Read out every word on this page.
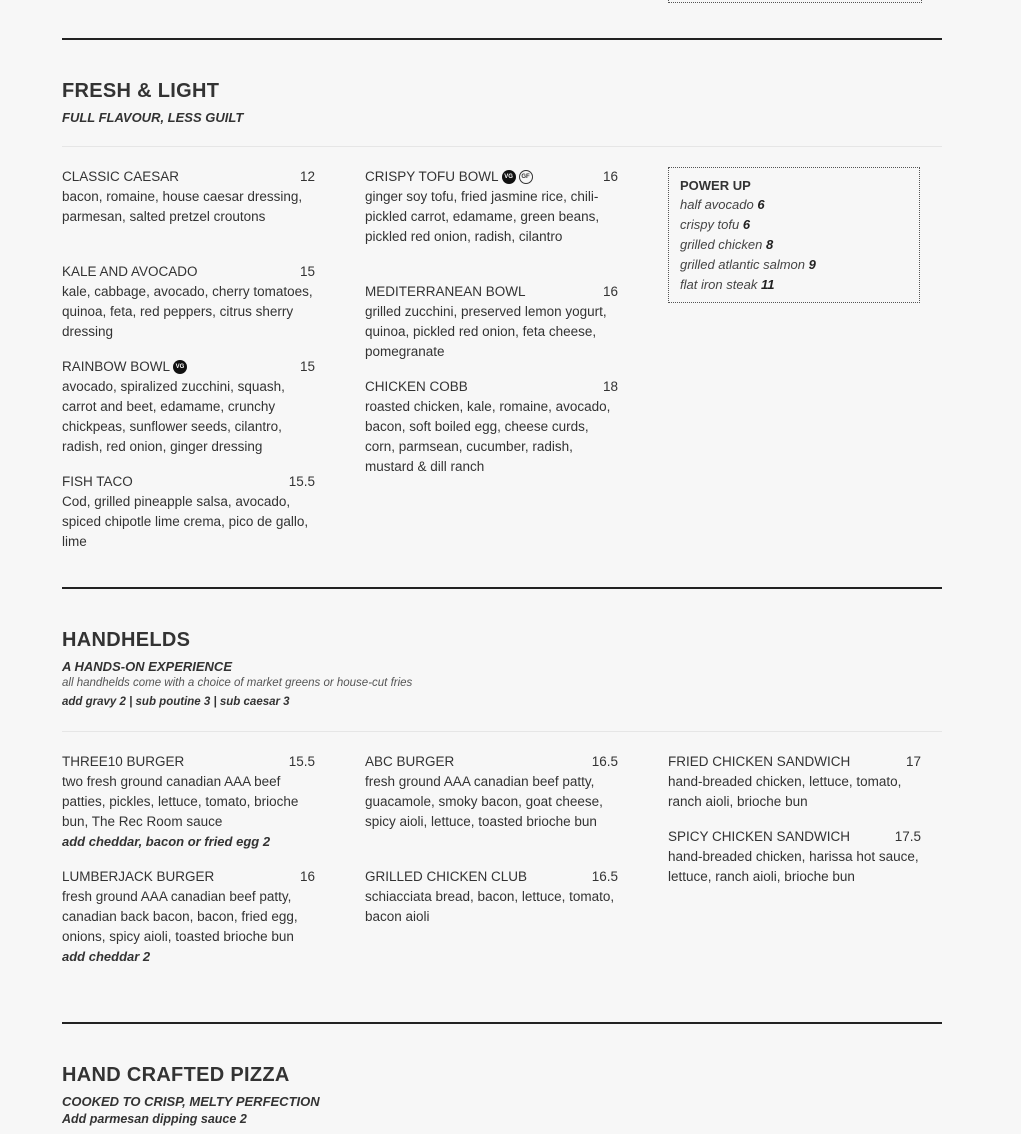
FRESH & LIGHT
FULL FLAVOUR, LESS GUILT
CLASSIC CAESAR	12
bacon, romaine, house caesar dressing, parmesan, salted pretzel croutons
KALE AND AVOCADO	15
kale, cabbage, avocado, cherry tomatoes, quinoa, feta, red peppers, citrus sherry dressing
RAINBOW BOWL VG	15
avocado, spiralized zucchini, squash, carrot and beet, edamame, crunchy chickpeas, sunflower seeds, cilantro, radish, red onion, ginger dressing
FISH TACO	15.5
Cod, grilled pineapple salsa, avocado, spiced chipotle lime crema, pico de gallo, lime
CRISPY TOFU BOWL VG	GF	16
ginger soy tofu, fried jasmine rice, chili-pickled carrot, edamame, green beans, pickled red onion, radish, cilantro
MEDITERRANEAN BOWL	16
grilled zucchini, preserved lemon yogurt, quinoa, pickled red onion, feta cheese, pomegranate
CHICKEN COBB	18
roasted chicken, kale, romaine, avocado, bacon, soft boiled egg, cheese curds, corn, parmsean, cucumber, radish, mustard & dill ranch
POWER UP
half avocado 6
crispy tofu 6
grilled chicken 8
grilled atlantic salmon 9
flat iron steak 11
HANDHELDS
A HANDS-ON EXPERIENCE
all handhelds come with a choice of market greens or house-cut fries
add gravy 2 | sub poutine 3 | sub caesar 3
THREE10 BURGER	15.5
two fresh ground canadian AAA beef patties, pickles, lettuce, tomato, brioche bun, The Rec Room sauce
add cheddar, bacon or fried egg 2
LUMBERJACK BURGER	16
fresh ground AAA canadian beef patty, canadian back bacon, bacon, fried egg, onions, spicy aioli, toasted brioche bun
add cheddar 2
ABC BURGER	16.5
fresh ground AAA canadian beef patty, guacamole, smoky bacon, goat cheese, spicy aioli, lettuce, toasted brioche bun
GRILLED CHICKEN CLUB	16.5
schiacciata bread, bacon, lettuce, tomato, bacon aioli
FRIED CHICKEN SANDWICH	17
hand-breaded chicken, lettuce, tomato, ranch aioli, brioche bun
SPICY CHICKEN SANDWICH	17.5
hand-breaded chicken, harissa hot sauce, lettuce, ranch aioli, brioche bun
HAND CRAFTED PIZZA
COOKED TO CRISP, MELTY PERFECTION
Add parmesan dipping sauce 2
